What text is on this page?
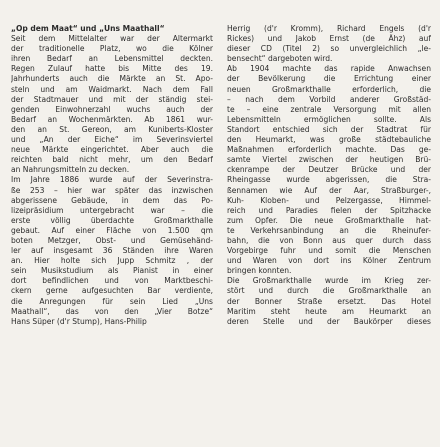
„Op dem Maat“ und „Uns Maathall“
Seit dem Mittelalter war der Altermarkt
der traditionelle Platz, wo die Kölner
ihren Bedarf an Lebensmittel deckten.
Regen Zulauf hatte bis Mitte des 19.
Jahrhunderts auch die Märkte an St. Apo-
steln und am Waidmarkt. Nach dem Fall
der Stadtmauer und mit der ständig stei-
genden Einwohnerzahl wuchs auch der
Bedarf an Wochenmärkten. Ab 1861 wur-
den an St. Gereon, am Kuniberts-Kloster
und „An der Eiche“ im Severinsviertel
neue Märkte eingerichtet. Aber auch die
reichten bald nicht mehr, um den Bedarf
an Nahrungsmitteln zu decken.
Im Jahre 1886 wurde auf der Severinstra-
ße 253 – hier war später das inzwischen
abgerissene Gebäude, in dem das Po-
lizeipräsidium untergebracht war – die
erste völlig überdachte Großmarkthalle
gebaut. Auf einer Fläche von 1.500 qm
boten Metzger, Obst- und Gemüsehänd-
ler auf insgesamt 36 Ständen ihre Waren
an. Hier holte sich Jupp Schmitz , der
sein Musikstudium als Pianist in einer
dort befindlichen und von Marktbeschi-
ckern gerne aufgesuchten Bar verdiente,
die Anregungen für sein Lied „Uns
Maathall“, das von den „Vier Botze“
Hans Süper (d'r Stump), Hans-Philip
Herrig (d'r Kromm), Richard Engels (d'r
Rickes) und Jakob Ernst (de Ähz) auf
dieser CD (Titel 2) so unvergleichlich „le-
bensecht“ dargeboten wird.
Ab 1904 machte das rapide Anwachsen
der Bevölkerung die Errichtung einer
neuen Großmarkthalle erforderlich, die
– nach dem Vorbild anderer Großstäd-
te – eine zentrale Versorgung mit allen
Lebensmitteln ermöglichen sollte. Als
Standort entschied sich der Stadtrat für
den Heumarkt, was große städtebauliche
Maßnahmen erforderlich machte. Das ge-
samte Viertel zwischen der heutigen Brü-
ckenrampe der Deutzer Brücke und der
Rheingasse wurde abgerissen, die Stra-
ßennamen wie Auf der Aar, Straßburger-,
Kuh- Kloben- und Pelzergasse, Himmel-
reich und Paradies fielen der Spitzhacke
zum Opfer. Die neue Großmarkthalle hat-
te Verkehrsanbindung an die Rheinufer-
bahn, die von Bonn aus quer durch dass
Vorgebirge fuhr und somit die Menschen
und Waren von dort ins Kölner Zentrum
bringen konnten.
Die Großmarkthalle wurde im Krieg zer-
stört und durch die Großmarkthalle an
der Bonner Straße ersetzt. Das Hotel
Maritim steht heute am Heumarkt an
deren Stelle und der Baukörper dieses
